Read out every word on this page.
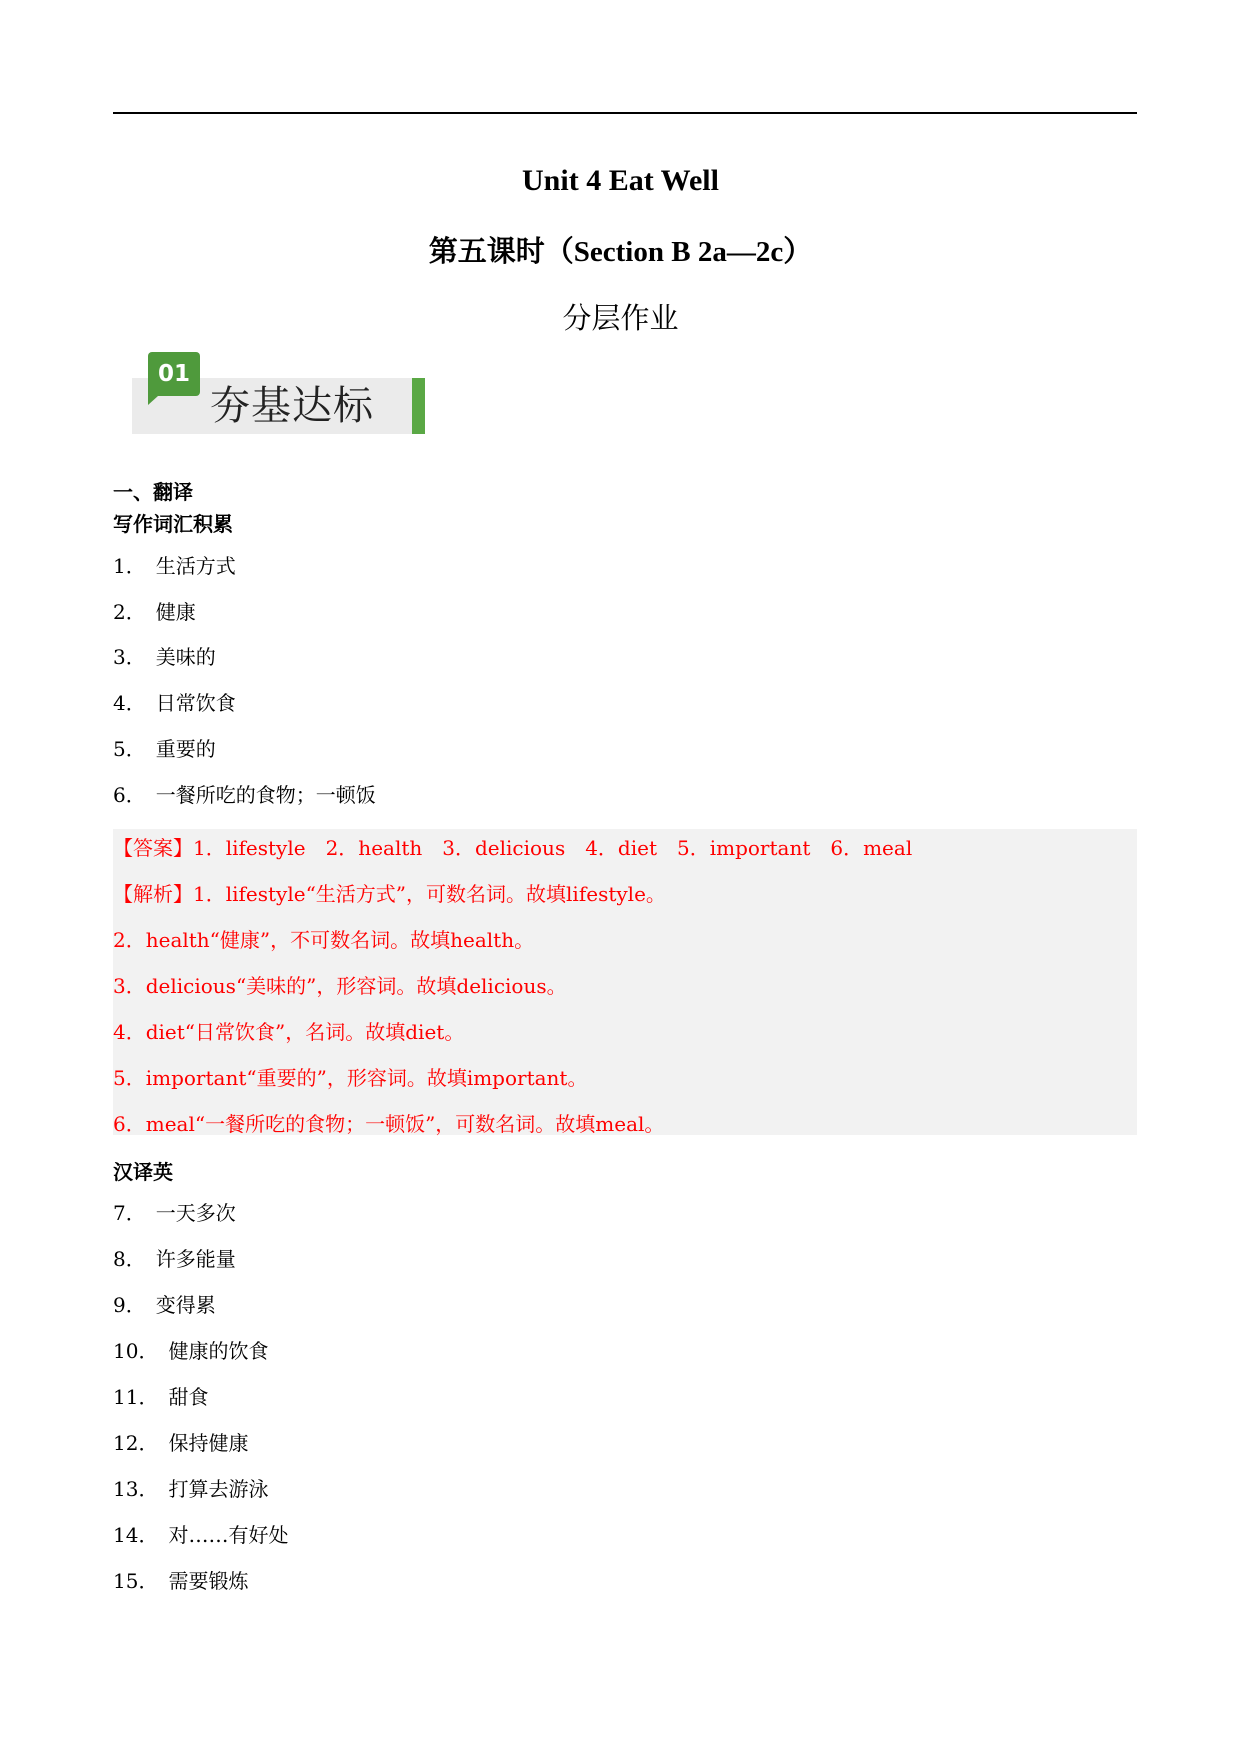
Unit 4 Eat Well
第五课时（Section B 2a—2c）
分层作业
01
夯基达标
一、翻译
写作词汇积累
1． 生活方式
2． 健康
3． 美味的
4． 日常饮食
5． 重要的
6． 一餐所吃的食物；一顿饭
【答案】1．lifestyle　2．health　3．delicious　4．diet　5．important　6．meal
【解析】1．lifestyle“生活方式”，可数名词。故填lifestyle。
2．health“健康”，不可数名词。故填health。
3．delicious“美味的”，形容词。故填delicious。
4．diet“日常饮食”，名词。故填diet。
5．important“重要的”，形容词。故填important。
6．meal“一餐所吃的食物；一顿饭”，可数名词。故填meal。
汉译英
7． 一天多次
8． 许多能量
9． 变得累
10． 健康的饮食
11． 甜食
12． 保持健康
13． 打算去游泳
14． 对……有好处
15． 需要锻炼
